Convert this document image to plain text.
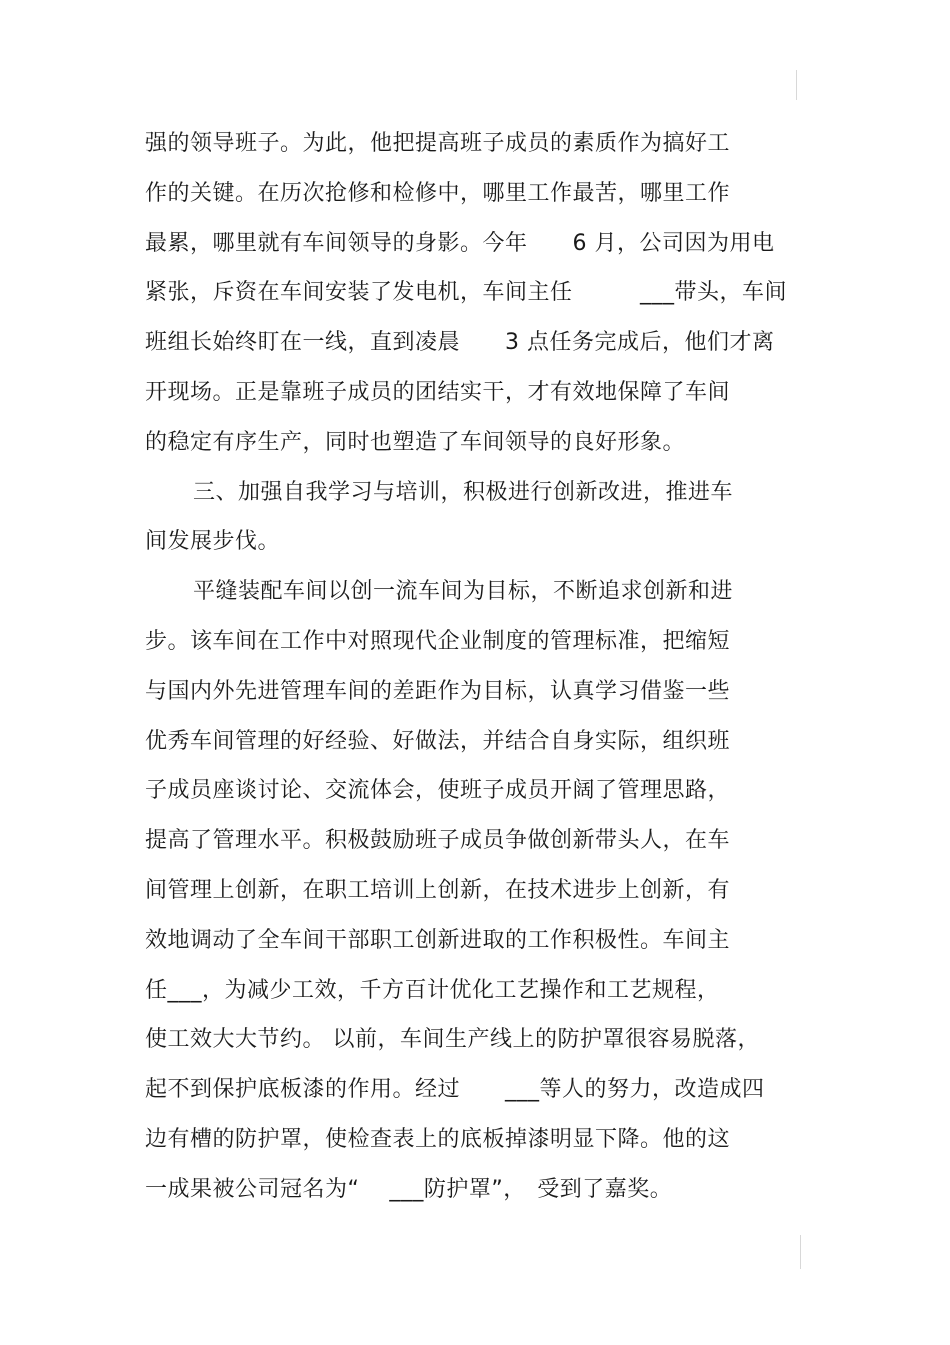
强的领导班子。为此，他把提高班子成员的素质作为搞好工
作的关键。在历次抢修和检修中，哪里工作最苦，哪里工作
最累，哪里就有车间领导的身影。今年　　6 月，公司因为用电
紧张，斥资在车间安装了发电机，车间主任　　　___带头，车间
班组长始终盯在一线，直到凌晨　　3 点任务完成后，他们才离
开现场。正是靠班子成员的团结实干，才有效地保障了车间
的稳定有序生产，同时也塑造了车间领导的良好形象。
三、加强自我学习与培训，积极进行创新改进，推进车
间发展步伐。
平缝装配车间以创一流车间为目标，不断追求创新和进
步。该车间在工作中对照现代企业制度的管理标准，把缩短
与国内外先进管理车间的差距作为目标，认真学习借鉴一些
优秀车间管理的好经验、好做法，并结合自身实际，组织班
子成员座谈讨论、交流体会，使班子成员开阔了管理思路，
提高了管理水平。积极鼓励班子成员争做创新带头人，在车
间管理上创新，在职工培训上创新，在技术进步上创新，有
效地调动了全车间干部职工创新进取的工作积极性。车间主
任___，为减少工效，千方百计优化工艺操作和工艺规程，
使工效大大节约。 以前，车间生产线上的防护罩很容易脱落，
起不到保护底板漆的作用。经过　　___等人的努力，改造成四
边有槽的防护罩，使检查表上的底板掉漆明显下降。他的这
一成果被公司冠名为“　 ___防护罩”，　受到了嘉奖。
